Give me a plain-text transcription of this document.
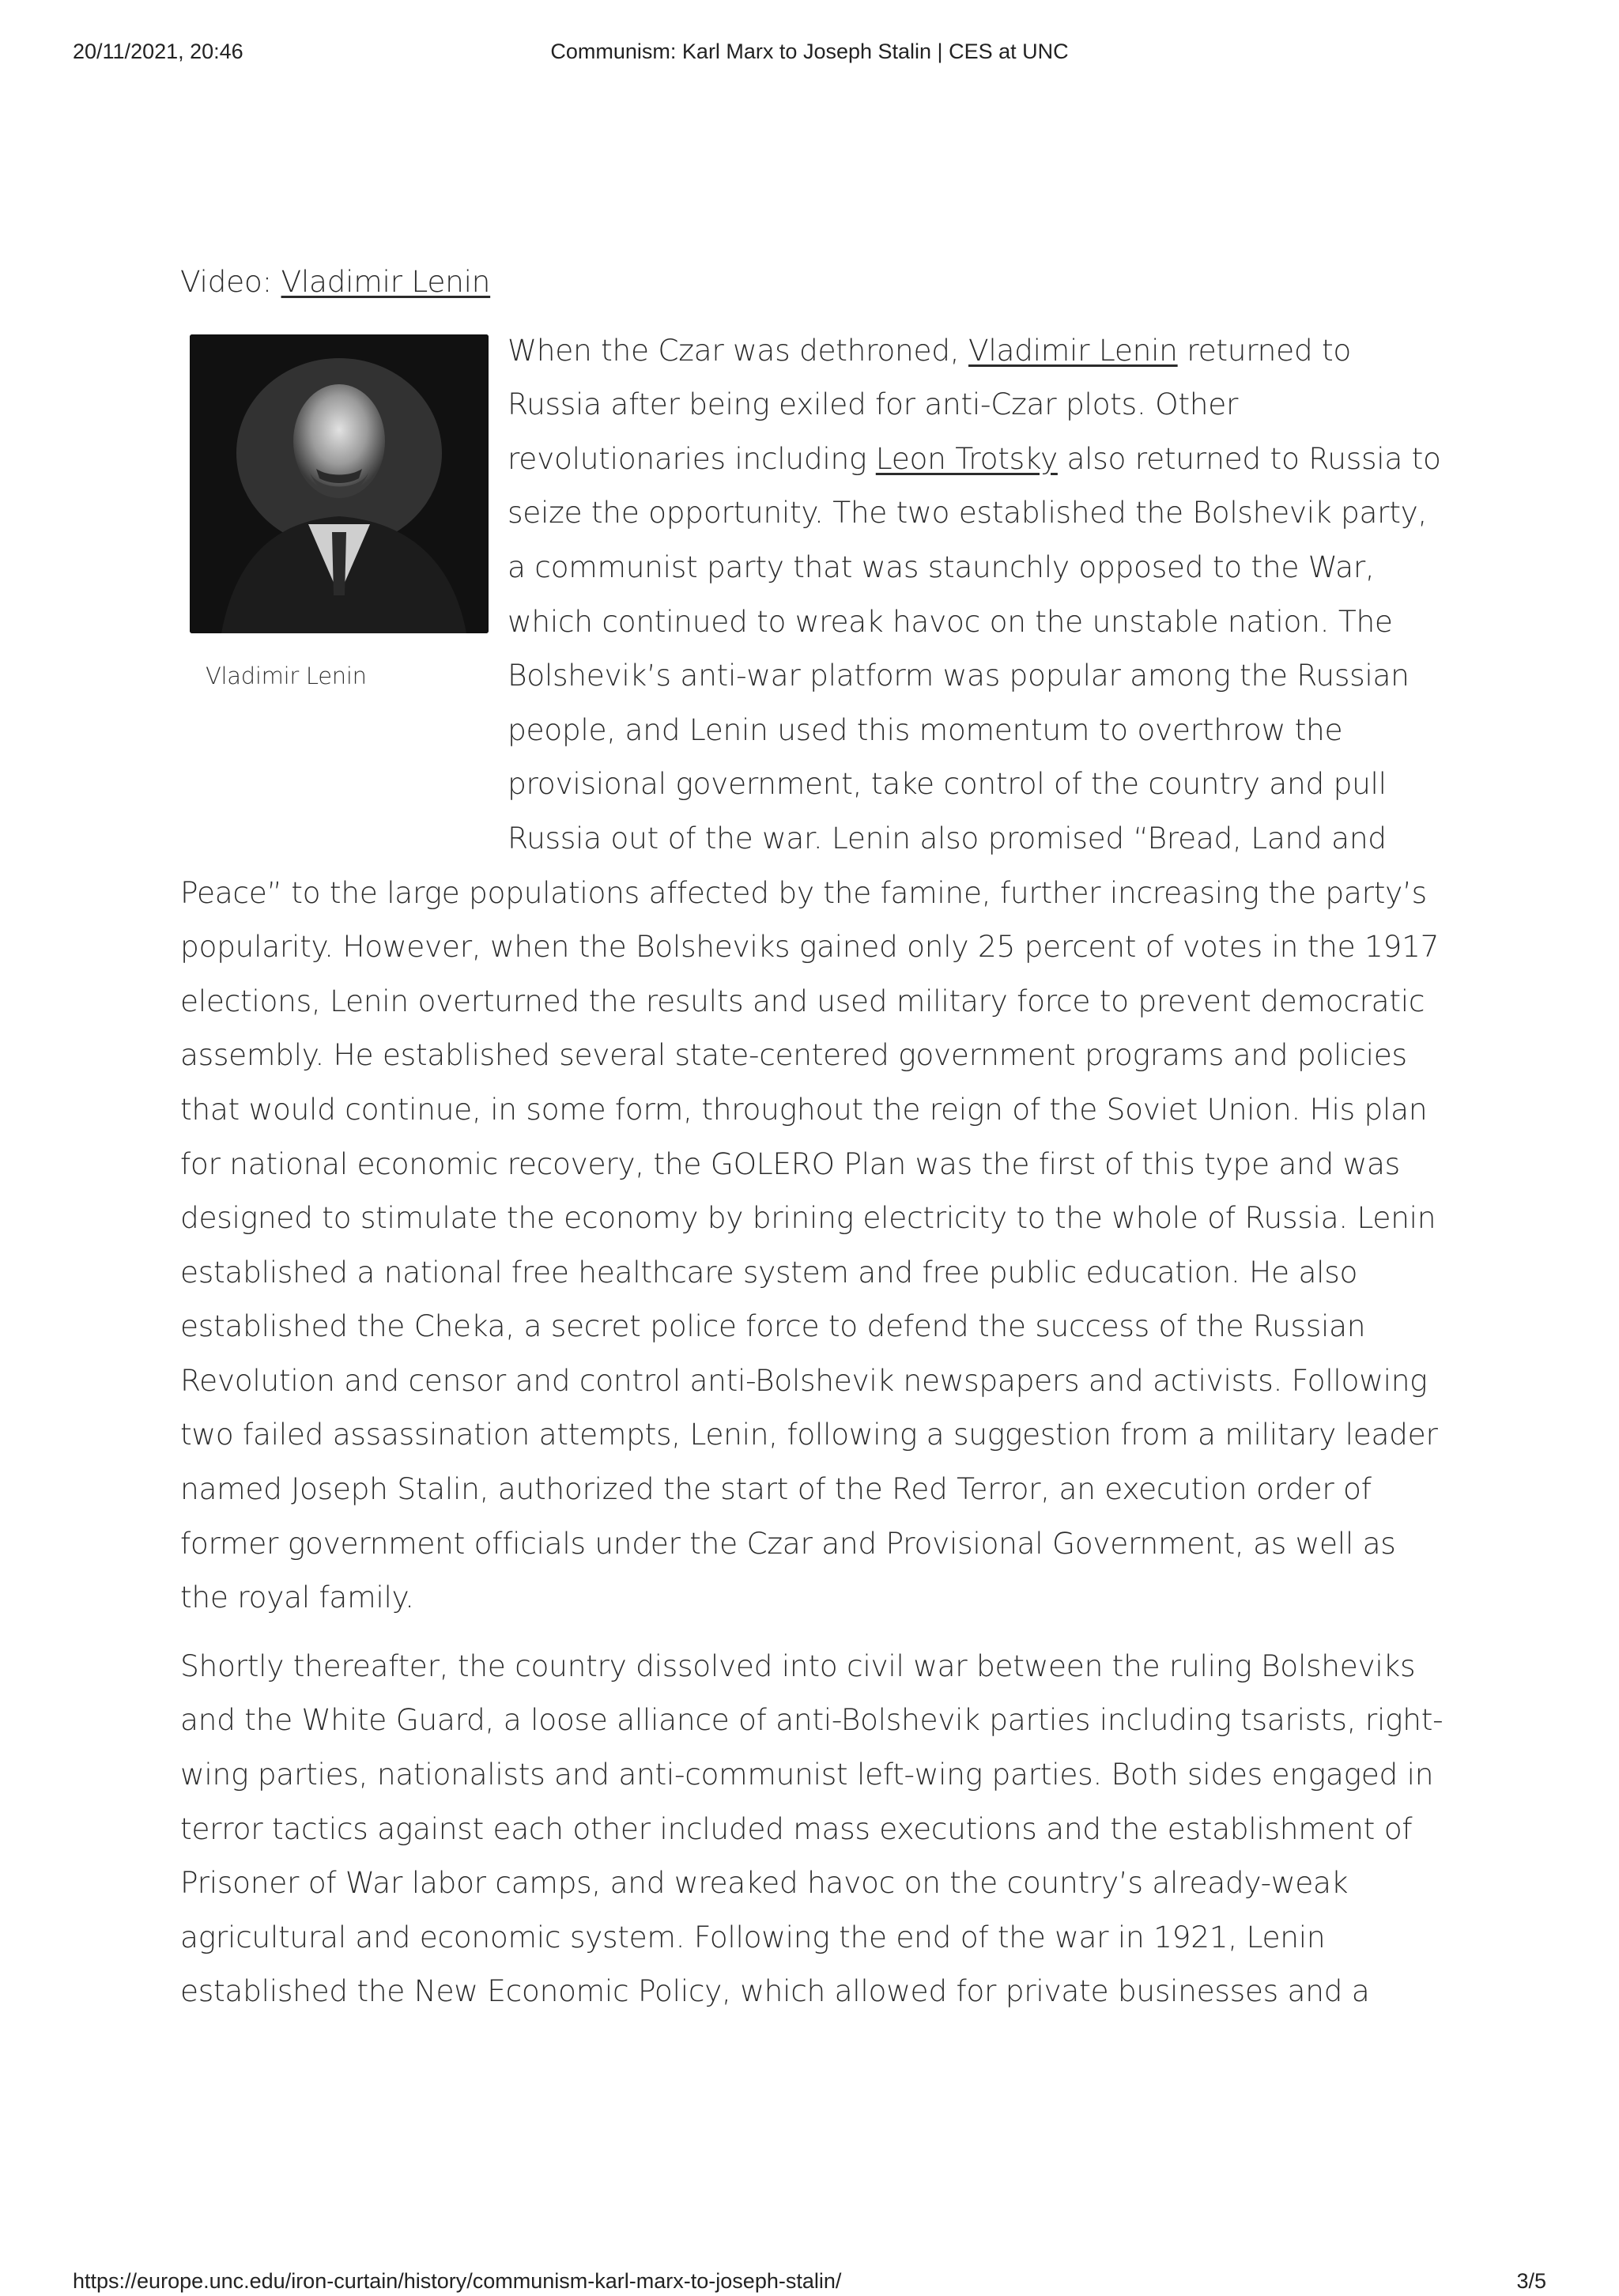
20/11/2021, 20:46	Communism: Karl Marx to Joseph Stalin | CES at UNC

Video: Vladimir Lenin

Vladimir Lenin

When the Czar was dethroned, Vladimir Lenin returned to Russia after being exiled for anti-Czar plots. Other revolutionaries including Leon Trotsky also returned to Russia to seize the opportunity. The two established the Bolshevik party, a communist party that was staunchly opposed to the War, which continued to wreak havoc on the unstable nation. The Bolshevik’s anti-war platform was popular among the Russian people, and Lenin used this momentum to overthrow the provisional government, take control of the country and pull Russia out of the war. Lenin also promised “Bread, Land and Peace” to the large populations affected by the famine, further increasing the party’s popularity. However, when the Bolsheviks gained only 25 percent of votes in the 1917 elections, Lenin overturned the results and used military force to prevent democratic assembly. He established several state-centered government programs and policies that would continue, in some form, throughout the reign of the Soviet Union. His plan for national economic recovery, the GOLERO Plan was the first of this type and was designed to stimulate the economy by brining electricity to the whole of Russia. Lenin established a national free healthcare system and free public education. He also established the Cheka, a secret police force to defend the success of the Russian Revolution and censor and control anti-Bolshevik newspapers and activists. Following two failed assassination attempts, Lenin, following a suggestion from a military leader named Joseph Stalin, authorized the start of the Red Terror, an execution order of former government officials under the Czar and Provisional Government, as well as the royal family.

Shortly thereafter, the country dissolved into civil war between the ruling Bolsheviks and the White Guard, a loose alliance of anti-Bolshevik parties including tsarists, right-wing parties, nationalists and anti-communist left-wing parties. Both sides engaged in terror tactics against each other included mass executions and the establishment of Prisoner of War labor camps, and wreaked havoc on the country’s already-weak agricultural and economic system. Following the end of the war in 1921, Lenin established the New Economic Policy, which allowed for private businesses and a

https://europe.unc.edu/iron-curtain/history/communism-karl-marx-to-joseph-stalin/	3/5
